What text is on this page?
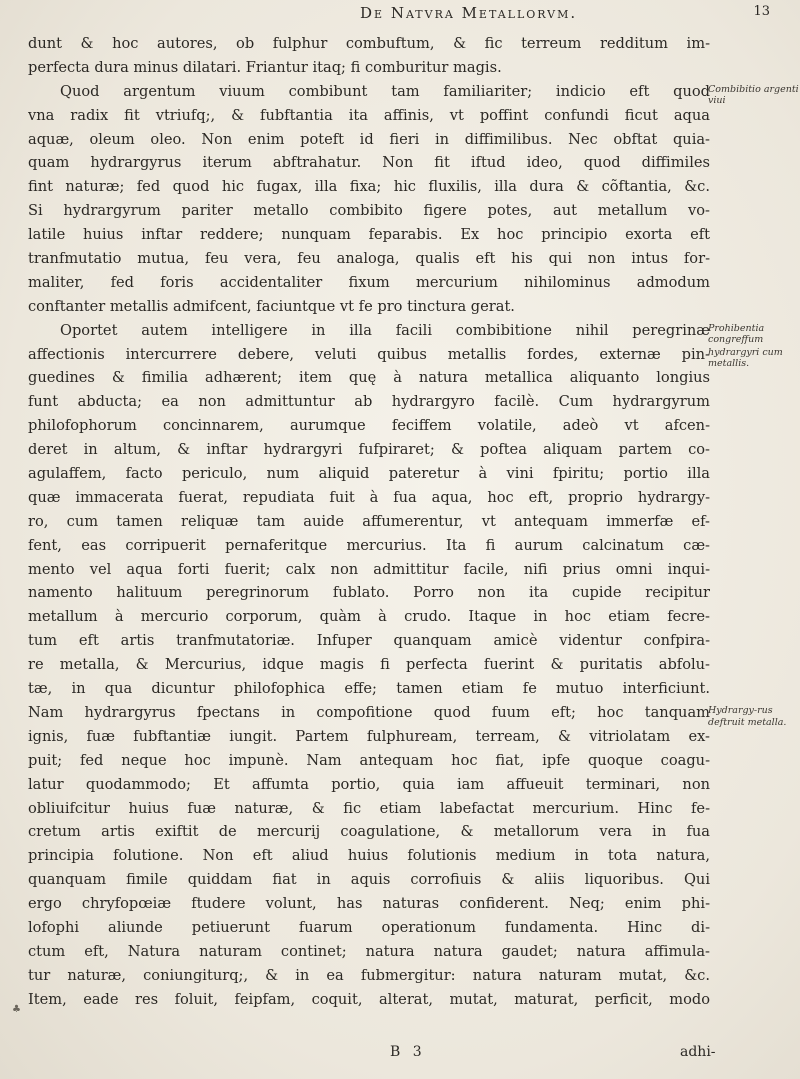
De Natvra Metallorvm.	13
dunt & hoc autores, ob fulphur combuftum, & fic terreum redditum im-
perfecta dura minus dilatari. Friantur itaq; fi comburitur magis.
Quod argentum viuum combibunt tam familiariter; indicio eft quod
vna radix fit vtriufq;, & fubftantia ita affinis, vt poffint confundi ficut aqua
aquæ, oleum oleo. Non enim poteft id fieri in diffimilibus. Nec obftat quia-
quam hydrargyrus iterum abftrahatur. Non fit iftud ideo, quod diffimiles
fint naturæ; fed quod hic fugax, illa fixa; hic fluxilis, illa dura & cõftantia, &c.
Si hydrargyrum pariter metallo combibito figere potes, aut metallum vo-
latile huius inftar reddere; nunquam feparabis. Ex hoc principio exorta eft
tranfmutatio mutua, feu vera, feu analoga, qualis eft his qui non intus for-
maliter, fed foris accidentaliter fixum mercurium nihilominus admodum
conftanter metallis admifcent, faciuntque vt fe pro tinctura gerat.
Oportet autem intelligere in illa facili combibitione nihil peregrinæ
affectionis intercurrere debere, veluti quibus metallis fordes, externæ pin-
guedines & fimilia adhærent; item quę à natura metallica aliquanto longius
funt abducta; ea non admittuntur ab hydrargyro facilè. Cum hydrargyrum
philofophorum concinnarem, aurumque feciffem volatile, adeò vt afcen-
deret in altum, & inftar hydrargyri fufpiraret; & poftea aliquam partem co-
agulaffem, facto periculo, num aliquid pateretur à vini fpiritu; portio illa
quæ immacerata fuerat, repudiata fuit à fua aqua, hoc eft, proprio hydrargy-
ro, cum tamen reliquæ tam auide affumerentur, vt antequam immerfæ ef-
fent, eas corripuerit pernaferitque mercurius. Ita fi aurum calcinatum cæ-
mento vel aqua forti fuerit; calx non admittitur facile, nifi prius omni inqui-
namento halituum peregrinorum fublato. Porro non ita cupide recipitur
metallum à mercurio corporum, quàm à crudo. Itaque in hoc etiam fecre-
tum eft artis tranfmutatoriæ. Infuper quanquam amicè videntur confpira-
re metalla, & Mercurius, idque magis fi perfecta fuerint & puritatis abfolu-
tæ, in qua dicuntur philofophica effe; tamen etiam fe mutuo interficiunt.
Nam hydrargyrus fpectans in compofitione quod fuum eft; hoc tanquam
ignis, fuæ fubftantiæ iungit. Partem fulphuream, terream, & vitriolatam ex-
puit; fed neque hoc impunè. Nam antequam hoc fiat, ipfe quoque coagu-
latur quodammodo; Et affumta portio, quia iam affueuit terminari, non
obliuifcitur huius fuæ naturæ, & fic etiam labefactat mercurium. Hinc fe-
cretum artis exiftit de mercurij coagulatione, & metallorum vera in fua
principia folutione. Non eft aliud huius folutionis medium in tota natura,
quanquam fimile quiddam fiat in aquis corrofiuis & aliis liquoribus. Qui
ergo chryfopœiæ ftudere volunt, has naturas confiderent. Neq; enim phi-
lofophi aliunde petiuerunt fuarum operationum fundamenta. Hinc di-
ctum eft, Natura naturam continet; natura natura gaudet; natura affimula-
tur naturæ, coniungiturq;, & in ea fubmergitur: natura naturam mutat, &c.
Item, eade res foluit, feipfam, coquit, alterat, mutat, maturat, perficit, modo
Combibitio argenti viui
Prohibentia congreffum
hydrargyri cum metallis.
Hydrargy-rus deftruit metalla.
♣
B 3	adhi-
